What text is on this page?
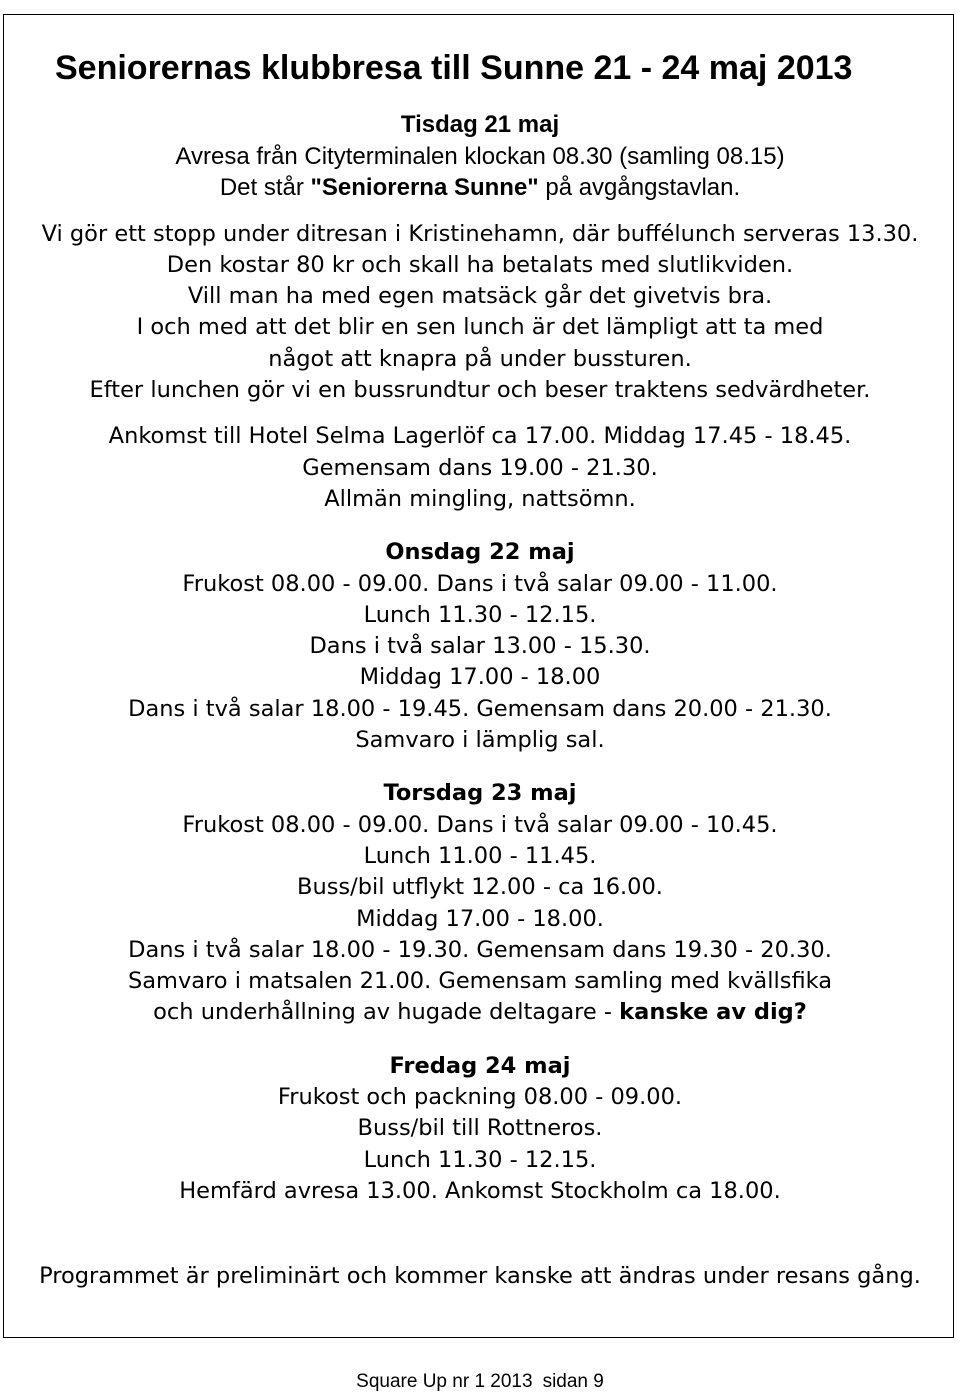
Seniorernas klubbresa till Sunne 21 - 24 maj 2013
Tisdag 21 maj
Avresa från Cityterminalen klockan 08.30 (samling 08.15)
Det står "Seniorerna Sunne" på avgångstavlan.
Vi gör ett stopp under ditresan i Kristinehamn, där buffélunch serveras 13.30.
Den kostar 80 kr och skall ha betalats med slutlikviden.
Vill man ha med egen matsäck går det givetvis bra.
I och med att det blir en sen lunch är det lämpligt att ta med
något att knapra på under bussturen.
Efter lunchen gör vi en bussrundtur och beser traktens sedvärdheter.
Ankomst till Hotel Selma Lagerlöf ca 17.00. Middag 17.45 - 18.45.
Gemensam dans 19.00 - 21.30.
Allmän mingling, nattsömn.
Onsdag 22 maj
Frukost 08.00 - 09.00. Dans i två salar 09.00 - 11.00.
Lunch 11.30 - 12.15.
Dans i två salar 13.00 - 15.30.
Middag 17.00 - 18.00
Dans i två salar 18.00 - 19.45. Gemensam dans 20.00 - 21.30.
Samvaro i lämplig sal.
Torsdag 23 maj
Frukost 08.00 - 09.00. Dans i två salar 09.00 - 10.45.
Lunch 11.00 - 11.45.
Buss/bil utflykt 12.00 - ca 16.00.
Middag 17.00 - 18.00.
Dans i två salar 18.00 - 19.30. Gemensam dans 19.30 - 20.30.
Samvaro i matsalen 21.00. Gemensam samling med kvällsfika
och underhållning av hugade deltagare - kanske av dig?
Fredag 24 maj
Frukost och packning 08.00 - 09.00.
Buss/bil till Rottneros.
Lunch 11.30 - 12.15.
Hemfärd avresa 13.00. Ankomst Stockholm ca 18.00.
Programmet är preliminärt och kommer kanske att ändras under resans gång.
Square Up nr 1 2013 sidan 9
